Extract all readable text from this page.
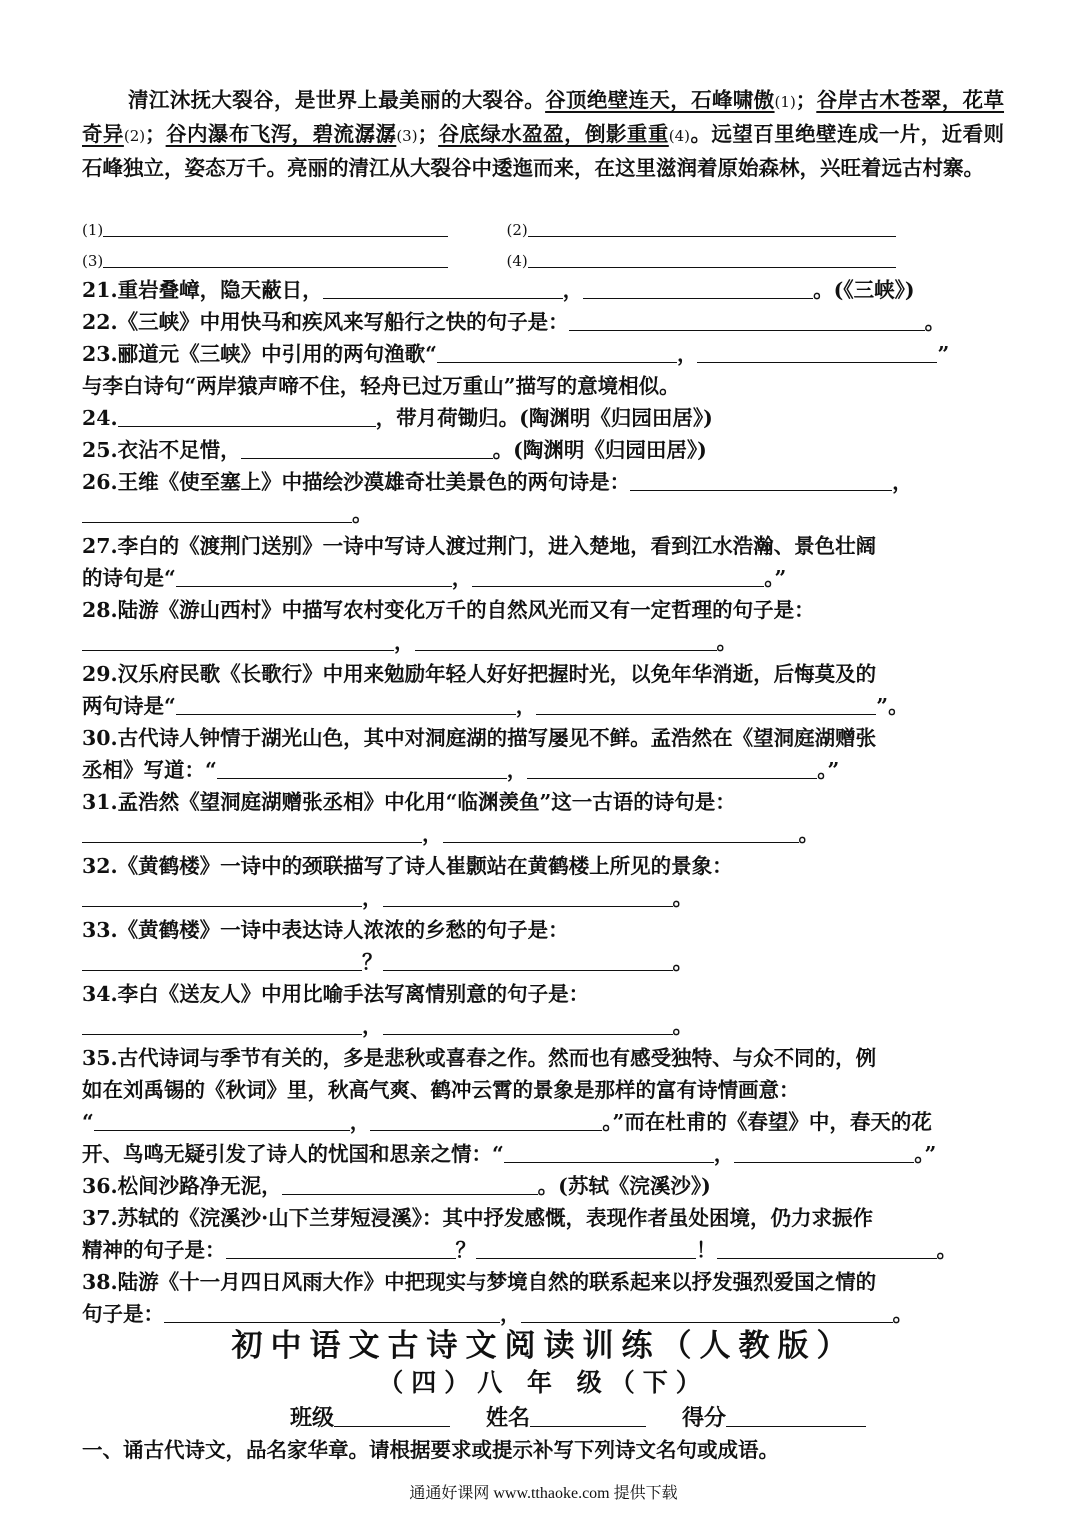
清江沐抚大裂谷，是世界上最美丽的大裂谷。谷顶绝壁连天，石峰啸傲(1)；谷岸古木苍翠，花草奇异(2)；谷内瀑布飞泻，碧流潺潺(3)；谷底绿水盈盈，倒影重重(4)。远望百里绝壁连成一片，近看则石峰独立，姿态万千。亮丽的清江从大裂谷中逶迤而来，在这里滋润着原始森林，兴旺着远古村寨。
(1)	(2)
(3)	(4)
21.重岩叠嶂，隐天蔽日，	，	。(《三峡》)
22.《三峡》中用快马和疾风来写船行之快的句子是：	。
23.郦道元《三峡》中引用的两句渔歌“	，	”
与李白诗句“两岸猿声啼不住，轻舟已过万重山”描写的意境相似。
24.	，带月荷锄归。(陶渊明《归园田居》)
25.衣沾不足惜，	。(陶渊明《归园田居》)
26.王维《使至塞上》中描绘沙漠雄奇壮美景色的两句诗是：	，
。
27.李白的《渡荆门送别》一诗中写诗人渡过荆门，进入楚地，看到江水浩瀚、景色壮阔
的诗句是“	，	。”
28.陆游《游山西村》中描写农村变化万千的自然风光而又有一定哲理的句子是：
，	。
29.汉乐府民歌《长歌行》中用来勉励年轻人好好把握时光，以免年华消逝，后悔莫及的
两句诗是“	，	”。
30.古代诗人钟情于湖光山色，其中对洞庭湖的描写屡见不鲜。孟浩然在《望洞庭湖赠张
丞相》写道：“	，	。”
31.孟浩然《望洞庭湖赠张丞相》中化用“临渊羡鱼”这一古语的诗句是：
，	。
32.《黄鹤楼》一诗中的颈联描写了诗人崔颢站在黄鹤楼上所见的景象：
，	。
33.《黄鹤楼》一诗中表达诗人浓浓的乡愁的句子是：
？	。
34.李白《送友人》中用比喻手法写离情别意的句子是：
，	。
35.古代诗词与季节有关的，多是悲秋或喜春之作。然而也有感受独特、与众不同的，例
如在刘禹锡的《秋词》里，秋高气爽、鹤冲云霄的景象是那样的富有诗情画意：
“	，	。”而在杜甫的《春望》中，春天的花
开、鸟鸣无疑引发了诗人的忧国和思亲之情：“	，	。”
36.松间沙路净无泥，	。(苏轼《浣溪沙》)
37.苏轼的《浣溪沙·山下兰芽短浸溪》：其中抒发感慨，表现作者虽处困境，仍力求振作
精神的句子是：	？	！	。
38.陆游《十一月四日风雨大作》中把现实与梦境自然的联系起来以抒发强烈爱国之情的
句子是：	，	。
初中语文古诗文阅读训练（人教版）
（四）八 年 级（下）
班级	姓名	得分
一、诵古代诗文，品名家华章。请根据要求或提示补写下列诗文名句或成语。
通通好课网 www.tthaoke.com 提供下载
